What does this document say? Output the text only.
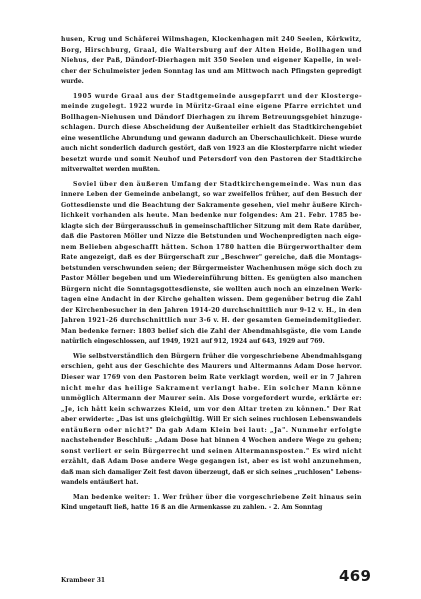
husen, Krug und Schäferei Wilmshagen, Klockenhagen mit 240 Seelen, Körkwitz,
Borg, Hirschburg, Graal, die Waltersburg auf der Alten Heide, Bollhagen und
Niehus, der Paß, Dändorf-Dierhagen mit 350 Seelen und eigener Kapelle, in wel-
cher der Schulmeister jeden Sonntag las und am Mittwoch nach Pfingsten gepredigt
wurde.

1905 wurde Graal aus der Stadtgemeinde ausgepfarrt und der Klosterge-
meinde zugelegt. 1922 wurde in Müritz-Graal eine eigene Pfarre errichtet und
Bollhagen-Niehusen und Dändorf Dierhagen zu ihrem Betreuungsgebiet hinzuge-
schlagen. Durch diese Abscheidung der Außenteiler erhielt das Stadtkirchengebiet
eine wesentliche Abrundung und gewann dadurch an Überschaulichkeit. Diese wurde
auch nicht sonderlich dadurch gestört, daß von 1923 an die Klosterpfarre nicht wieder
besetzt wurde und somit Neuhof und Petersdorf von den Pastoren der Stadtkirche
mitverwaltet werden mußten.

Soviel über den äußeren Umfang der Stadtkirchengemeinde. Was nun das
innere Leben der Gemeinde anbelangt, so war zweifellos früher, auf den Besuch der
Gottesdienste und die Beachtung der Sakramente gesehen, viel mehr äußere Kirch-
lichkeit vorhanden als heute. Man bedenke nur folgendes: Am 21. Febr. 1785 be-
klagte sich der Bürgerausschuß in gemeinschaftlicher Sitzung mit dem Rate darüber,
daß die Pastoren Möller und Nizze die Betstunden und Wochenpredigten nach eige-
nem Belieben abgeschafft hätten. Schon 1780 hatten die Bürgerworthalter dem
Rate angezeigt, daß es der Bürgerschaft zur „Beschwer" gereiche, daß die Montags-
betstunden verschwunden seien; der Bürgermeister Wachenhusen möge sich doch zu
Pastor Möller begeben und um Wiedereinführung bitten. Es genügten also manchen
Bürgern nicht die Sonntagsgottesdienste, sie wollten auch noch an einzelnen Werk-
tagen eine Andacht in der Kirche gehalten wissen. Dem gegenüber betrug die Zahl
der Kirchenbesucher in den Jahren 1914-20 durchschnittlich nur 9-12 v. H., in den
Jahren 1921-26 durchschnittlich nur 3-6 v. H. der gesamten Gemeindemitglieder.
Man bedenke ferner: 1803 belief sich die Zahl der Abendmahlsgäste, die vom Lande
natürlich eingeschlossen, auf 1949, 1921 auf 912, 1924 auf 643, 1929 auf 769.

Wie selbstverständlich den Bürgern früher die vorgeschriebene Abendmahlsgang
erschien, geht aus der Geschichte des Maurers und Altermanns Adam Dose hervor.
Dieser war 1769 von den Pastoren beim Rate verklagt worden, weil er in 7 Jahren
nicht mehr das heilige Sakrament verlangt habe. Ein solcher Mann könne
unmöglich Altermann der Maurer sein. Als Dose vorgefordert wurde, erklärte er:
„Je, ich hätt kein schwarzes Kleid, um vor den Altar treten zu können." Der Rat
aber erwiderte: „Das ist uns gleichgültig. Will Er sich seines ruchlosen Lebenswandels
entäußern oder nicht?" Da gab Adam Klein bei laut: „Ja". Nunmehr erfolgte
nachstehender Beschluß: „Adam Dose hat binnen 4 Wochen andere Wege zu gehen;
sonst verliert er sein Bürgerrecht und seinen Altermannsposten." Es wird nicht
erzählt, daß Adam Dose andere Wege gegangen ist, aber es ist wohl anzunehmen,
daß man sich damaliger Zeit fest davon überzeugt, daß er sich seines „ruchlosen" Lebens-
wandels entäußert hat.

Man bedenke weiter: 1. Wer früher über die vorgeschriebene Zeit hinaus sein
Kind ungetauft ließ, hatte 16 ß an die Armenkasse zu zahlen. - 2. Am Sonntag

Krambeer 31	469
